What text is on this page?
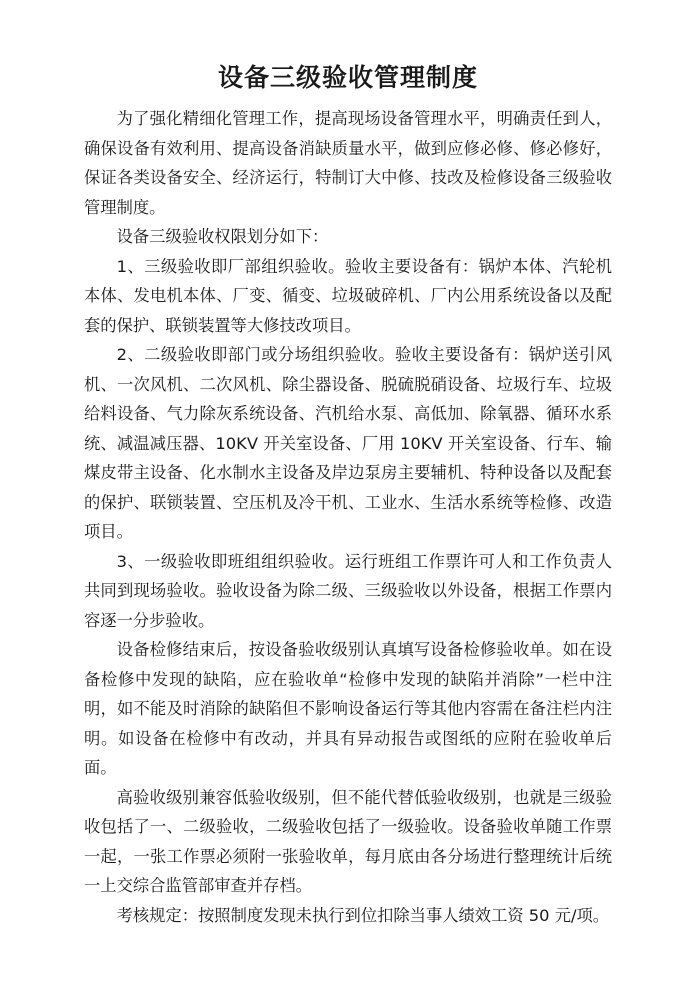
设备三级验收管理制度

为了强化精细化管理工作，提高现场设备管理水平，明确责任到人，确保设备有效利用、提高设备消缺质量水平，做到应修必修、修必修好，保证各类设备安全、经济运行，特制订大中修、技改及检修设备三级验收管理制度。

设备三级验收权限划分如下：

1、三级验收即厂部组织验收。验收主要设备有：锅炉本体、汽轮机本体、发电机本体、厂变、循变、垃圾破碎机、厂内公用系统设备以及配套的保护、联锁装置等大修技改项目。

2、二级验收即部门或分场组织验收。验收主要设备有：锅炉送引风机、一次风机、二次风机、除尘器设备、脱硫脱硝设备、垃圾行车、垃圾给料设备、气力除灰系统设备、汽机给水泵、高低加、除氧器、循环水系统、减温减压器、10KV 开关室设备、厂用 10KV 开关室设备、行车、输煤皮带主设备、化水制水主设备及岸边泵房主要辅机、特种设备以及配套的保护、联锁装置、空压机及冷干机、工业水、生活水系统等检修、改造项目。

3、一级验收即班组组织验收。运行班组工作票许可人和工作负责人共同到现场验收。验收设备为除二级、三级验收以外设备，根据工作票内容逐一分步验收。

设备检修结束后，按设备验收级别认真填写设备检修验收单。如在设备检修中发现的缺陷，应在验收单“检修中发现的缺陷并消除”一栏中注明，如不能及时消除的缺陷但不影响设备运行等其他内容需在备注栏内注明。如设备在检修中有改动，并具有异动报告或图纸的应附在验收单后面。

高验收级别兼容低验收级别，但不能代替低验收级别，也就是三级验收包括了一、二级验收，二级验收包括了一级验收。设备验收单随工作票一起，一张工作票必须附一张验收单，每月底由各分场进行整理统计后统一上交综合监管部审查并存档。

考核规定：按照制度发现未执行到位扣除当事人绩效工资 50 元/项。
